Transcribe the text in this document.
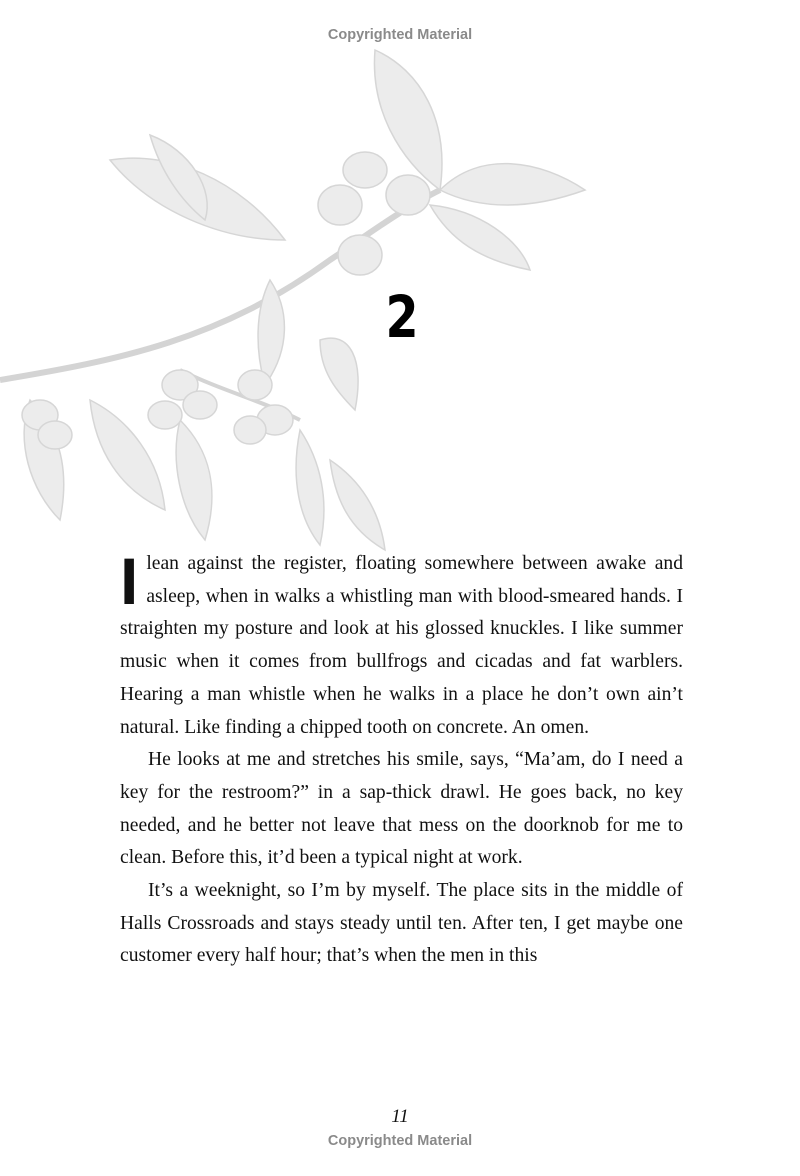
Copyrighted Material
2

Ilean against the register, floating somewhere between awake and asleep, when in walks a whistling man with blood-smeared hands. I straighten my posture and look at his glossed knuckles. I like summer music when it comes from bullfrogs and cicadas and fat warblers. Hearing a man whistle when he walks in a place he don’t own ain’t natural. Like finding a chipped tooth on concrete. An omen.

He looks at me and stretches his smile, says, “Ma’am, do I need a key for the restroom?” in a sap-thick drawl. He goes back, no key needed, and he better not leave that mess on the doorknob for me to clean. Before this, it’d been a typical night at work.

It’s a weeknight, so I’m by myself. The place sits in the middle of Halls Crossroads and stays steady until ten. After ten, I get maybe one customer every half hour; that’s when the men in this

11
Copyrighted Material
